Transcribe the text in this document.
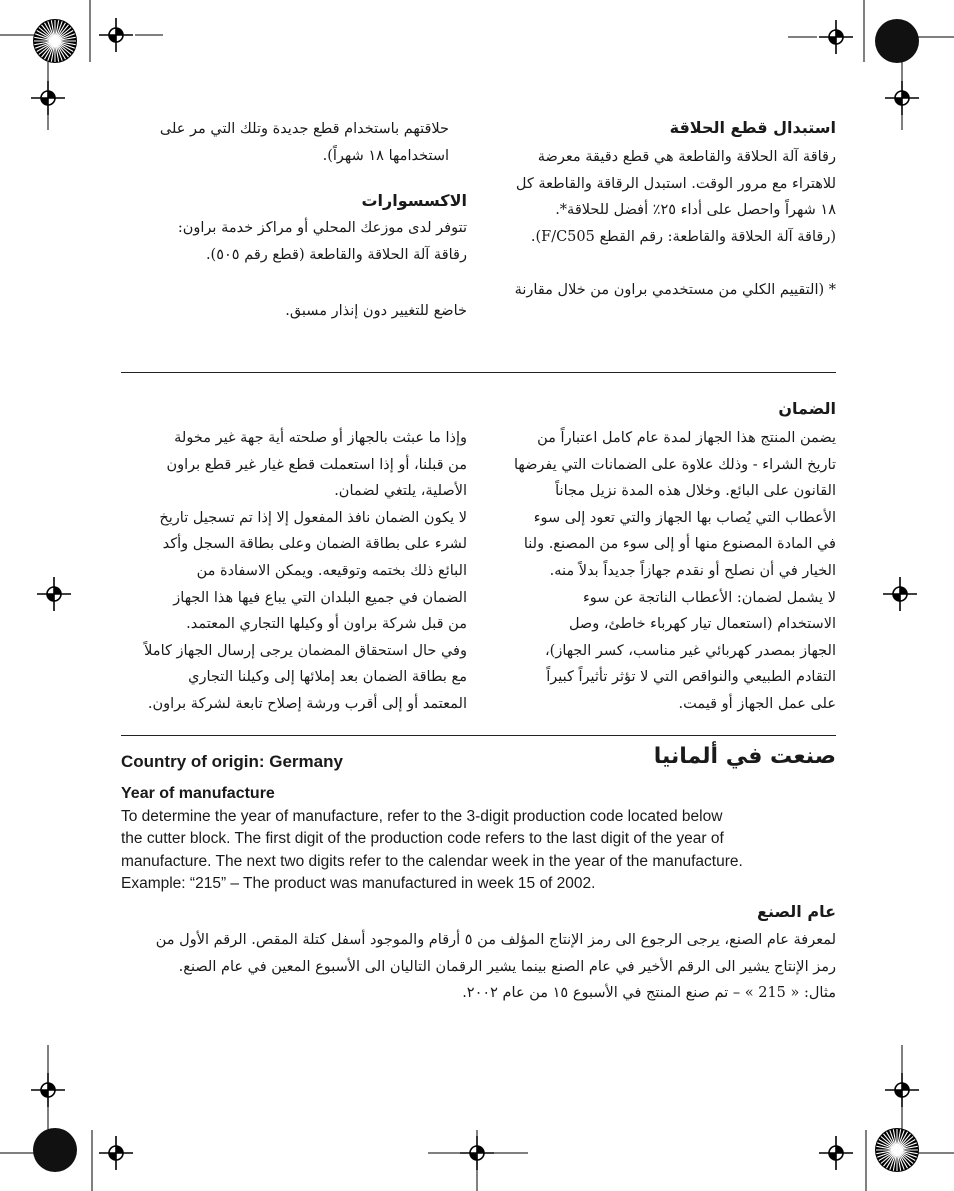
استبدال قطع الحلاقة

رقاقة آلة الحلاقة والقاطعة هي قطع دقيقة معرضة

للاهتراء مع مرور الوقت. استبدل الرقاقة والقاطعة كل

١٨ شهراً واحصل على أداء ٢٥٪ أفضل للحلاقة*.

(رقاقة آلة الحلاقة والقاطعة: رقم القطع F/C505).

* (التقييم الكلي من مستخدمي براون من خلال مقارنة

حلاقتهم باستخدام قطع جديدة وتلك التي مر على

استخدامها ١٨ شهراً).

الاكسسوارات

تتوفر لدى موزعك المحلي أو مراكز خدمة براون:

رقاقة آلة الحلاقة والقاطعة (قطع رقم ٥٠٥).

خاضع للتغيير دون إنذار مسبق.

الضمان

يضمن المنتج هذا الجهاز لمدة عام كامل اعتباراً من

تاريخ الشراء - وذلك علاوة على الضمانات التي يفرضها

القانون على البائع. وخلال هذه المدة نزيل مجاناً

الأعطاب التي يُصاب بها الجهاز والتي تعود إلى سوء

في المادة المصنوع منها أو إلى سوء من المصنع. ولنا

الخيار في أن نصلح أو نقدم جهازاً جديداً بدلاً منه.

لا يشمل لضمان: الأعطاب الناتجة عن سوء

الاستخدام (استعمال تيار كهرباء خاطئ، وصل

الجهاز بمصدر كهربائي غير مناسب، كسر الجهاز)،

التقادم الطبيعي والنواقص التي لا تؤثر تأثيراً كبيراً

على عمل الجهاز أو قيمت.

وإذا ما عبثت بالجهاز أو صلحته أية جهة غير مخولة

من قبلنا، أو إذا استعملت قطع غيار غير قطع براون

الأصلية، يلتغي لضمان.

لا يكون الضمان نافذ المفعول إلا إذا تم تسجيل تاريخ

لشرء على بطاقة الضمان وعلى بطاقة السجل وأكد

البائع ذلك بختمه وتوقيعه. ويمكن الاسفادة من

الضمان في جميع البلدان التي يباع فيها هذا الجهاز

من قبل شركة براون أو وكيلها التجاري المعتمد.

وفي حال استحقاق المضمان يرجى إرسال الجهاز كاملاً

مع بطاقة الضمان بعد إملائها إلى وكيلنا التجاري

المعتمد أو إلى أقرب ورشة إصلاح تابعة لشركة براون.

Country of origin: Germany	صنعت في ألمانيا
Year of manufacture

To determine the year of manufacture, refer to the 3-digit production code located below

the cutter block. The first digit of the production code refers to the last digit of the year of

manufacture. The next two digits refer to the calendar week in the year of the manufacture.

Example: “215” – The product was manufactured in week 15 of 2002.

عام الصنع

لمعرفة عام الصنع، يرجى الرجوع الى رمز الإنتاج المؤلف من ٥ أرقام والموجود أسفل كتلة المقص. الرقم الأول من

رمز الإنتاج يشير الى الرقم الأخير في عام الصنع بينما يشير الرقمان التاليان الى الأسبوع المعين في عام الصنع.

مثال: « 215 » – تم صنع المنتج في الأسبوع ١٥ من عام ٢٠٠٢.
